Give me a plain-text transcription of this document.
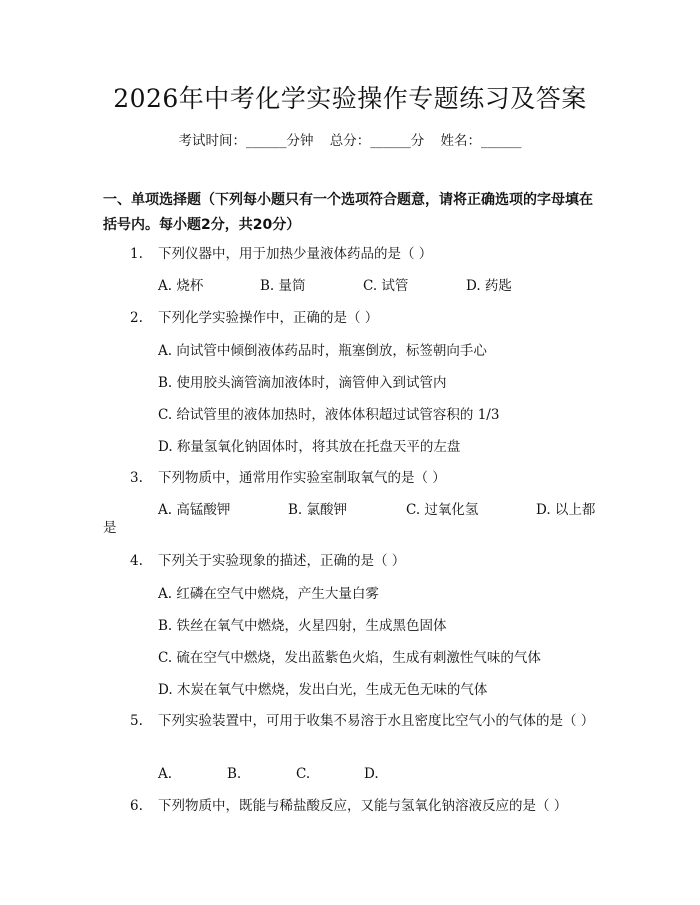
2026年中考化学实验操作专题练习及答案
考试时间：______分钟 总分：______分 姓名：______
一、单项选择题（下列每小题只有一个选项符合题意，请将正确选项的字母填在括号内。每小题2分，共20分）
1. 下列仪器中，用于加热少量液体药品的是（ ）
A. 烧杯	B. 量筒	C. 试管	D. 药匙
2. 下列化学实验操作中，正确的是（ ）
A. 向试管中倾倒液体药品时，瓶塞倒放，标签朝向手心
B. 使用胶头滴管滴加液体时，滴管伸入到试管内
C. 给试管里的液体加热时，液体体积超过试管容积的 1/3
D. 称量氢氧化钠固体时，将其放在托盘天平的左盘
3. 下列物质中，通常用作实验室制取氧气的是（ ）
A. 高锰酸钾	B. 氯酸钾	C. 过氧化氢	D. 以上都
是
4. 下列关于实验现象的描述，正确的是（ ）
A. 红磷在空气中燃烧，产生大量白雾
B. 铁丝在氧气中燃烧，火星四射，生成黑色固体
C. 硫在空气中燃烧，发出蓝紫色火焰，生成有刺激性气味的气体
D. 木炭在氧气中燃烧，发出白光，生成无色无味的气体
5. 下列实验装置中，可用于收集不易溶于水且密度比空气小的气体的是（ ）
A.	B.	C.	D.
6. 下列物质中，既能与稀盐酸反应，又能与氢氧化钠溶液反应的是（ ）
